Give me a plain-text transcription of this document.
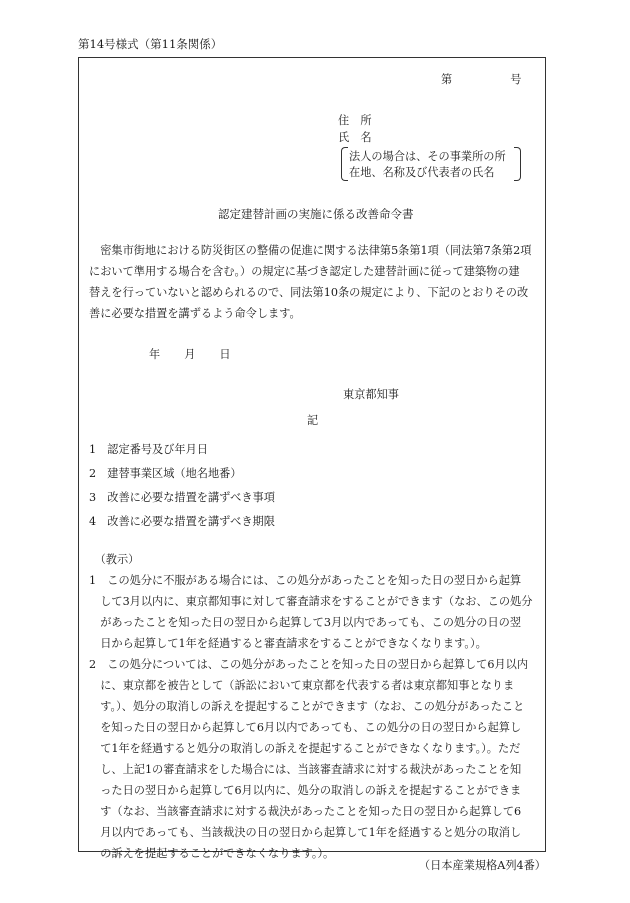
第14号様式（第11条関係）
第	号
住　所
氏　名
法人の場合は、その事業所の所
在地、名称及び代表者の氏名
認定建替計画の実施に係る改善命令書
　密集市街地における防災街区の整備の促進に関する法律第5条第1項（同法第7条第2項
において準用する場合を含む。）の規定に基づき認定した建替計画に従って建築物の建
替えを行っていないと認められるので、同法第10条の規定により、下記のとおりその改
善に必要な措置を講ずるよう命令します。
年 月 日
東京都知事
記
1　認定番号及び年月日
2　建替事業区域（地名地番）
3　改善に必要な措置を講ずべき事項
4　改善に必要な措置を講ずべき期限
　（教示）
1　この処分に不服がある場合には、この処分があったことを知った日の翌日から起算
　して3月以内に、東京都知事に対して審査請求をすることができます（なお、この処分
　があったことを知った日の翌日から起算して3月以内であっても、この処分の日の翌
　日から起算して1年を経過すると審査請求をすることができなくなります。）。
2　この処分については、この処分があったことを知った日の翌日から起算して6月以内
　に、東京都を被告として（訴訟において東京都を代表する者は東京都知事となりま
　す。）、処分の取消しの訴えを提起することができます（なお、この処分があったこと
　を知った日の翌日から起算して6月以内であっても、この処分の日の翌日から起算し
　て1年を経過すると処分の取消しの訴えを提起することができなくなります。）。ただ
　し、上記1の審査請求をした場合には、当該審査請求に対する裁決があったことを知
　った日の翌日から起算して6月以内に、処分の取消しの訴えを提起することができま
　す（なお、当該審査請求に対する裁決があったことを知った日の翌日から起算して6
　月以内であっても、当該裁決の日の翌日から起算して1年を経過すると処分の取消し
　の訴えを提起することができなくなります。）。
（日本産業規格A列4番）
